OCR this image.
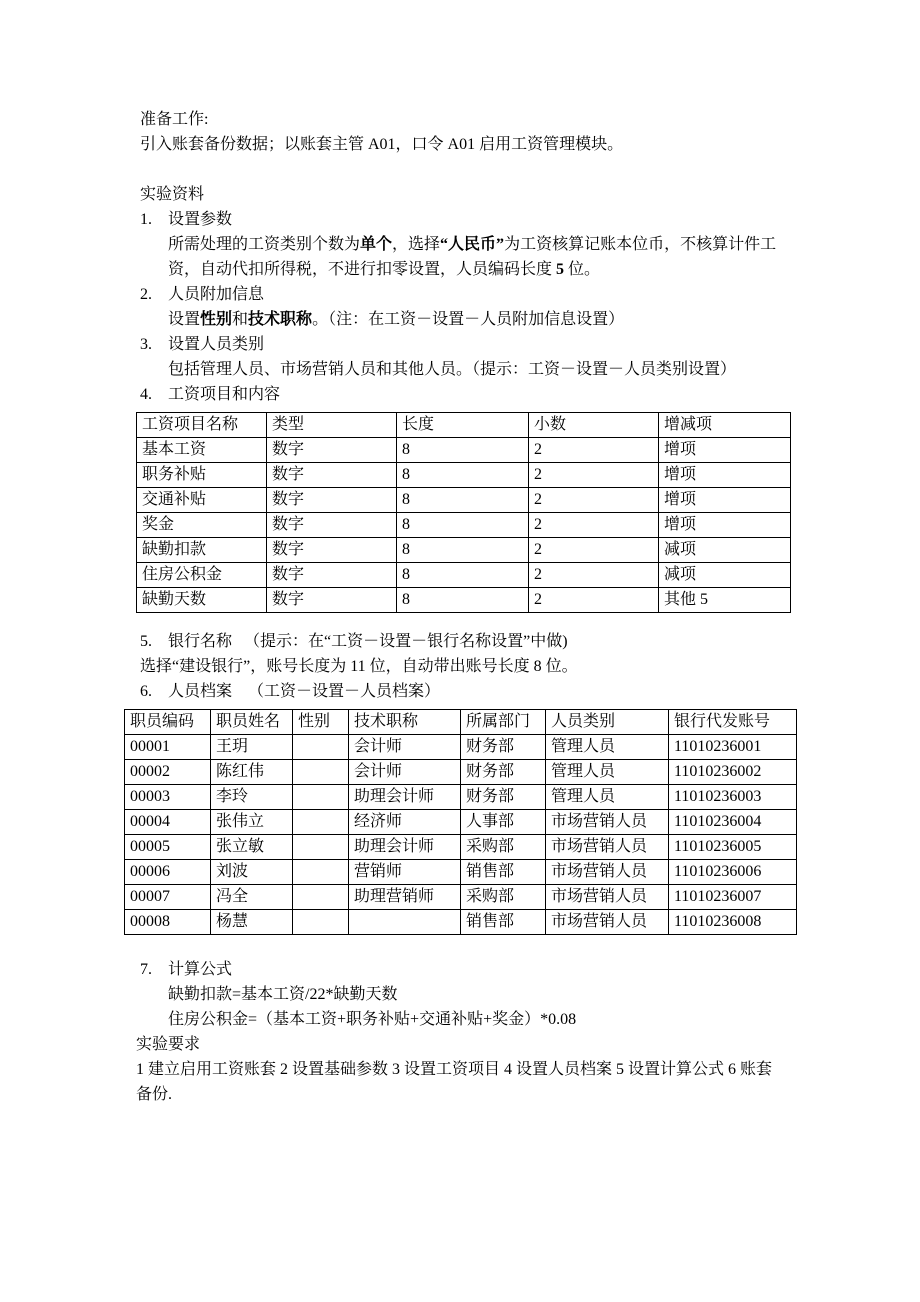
准备工作:

引入账套备份数据；以账套主管 A01，口令 A01 启用工资管理模块。

实验资料

1. 设置参数

所需处理的工资类别个数为单个，选择“人民币”为工资核算记账本位币，不核算计件工资，自动代扣所得税，不进行扣零设置，人员编码长度 5 位。

2. 人员附加信息

设置性别和技术职称。（注：在工资－设置－人员附加信息设置）

3. 设置人员类别

包括管理人员、市场营销人员和其他人员。（提示：工资－设置－人员类别设置）

4. 工资项目和内容

工资项目名称	类型	长度	小数	增减项
基本工资	数字	8	2	增项
职务补贴	数字	8	2	增项
交通补贴	数字	8	2	增项
奖金	数字	8	2	增项
缺勤扣款	数字	8	2	减项
住房公积金	数字	8	2	减项
缺勤天数	数字	8	2	其他 5

5. 银行名称 （提示：在“工资－设置－银行名称设置”中做)

选择“建设银行”，账号长度为 11 位，自动带出账号长度 8 位。

6. 人员档案 （工资－设置－人员档案）

职员编码	职员姓名	性别	技术职称	所属部门	人员类别	银行代发账号
00001	王玥		会计师	财务部	管理人员	11010236001
00002	陈红伟		会计师	财务部	管理人员	11010236002
00003	李玲		助理会计师	财务部	管理人员	11010236003
00004	张伟立		经济师	人事部	市场营销人员	11010236004
00005	张立敏		助理会计师	采购部	市场营销人员	11010236005
00006	刘波		营销师	销售部	市场营销人员	11010236006
00007	冯全		助理营销师	采购部	市场营销人员	11010236007
00008	杨慧			销售部	市场营销人员	11010236008

7. 计算公式

缺勤扣款=基本工资/22*缺勤天数

住房公积金=（基本工资+职务补贴+交通补贴+奖金）*0.08

实验要求

1 建立启用工资账套 2 设置基础参数 3 设置工资项目 4 设置人员档案 5 设置计算公式 6 账套备份.
